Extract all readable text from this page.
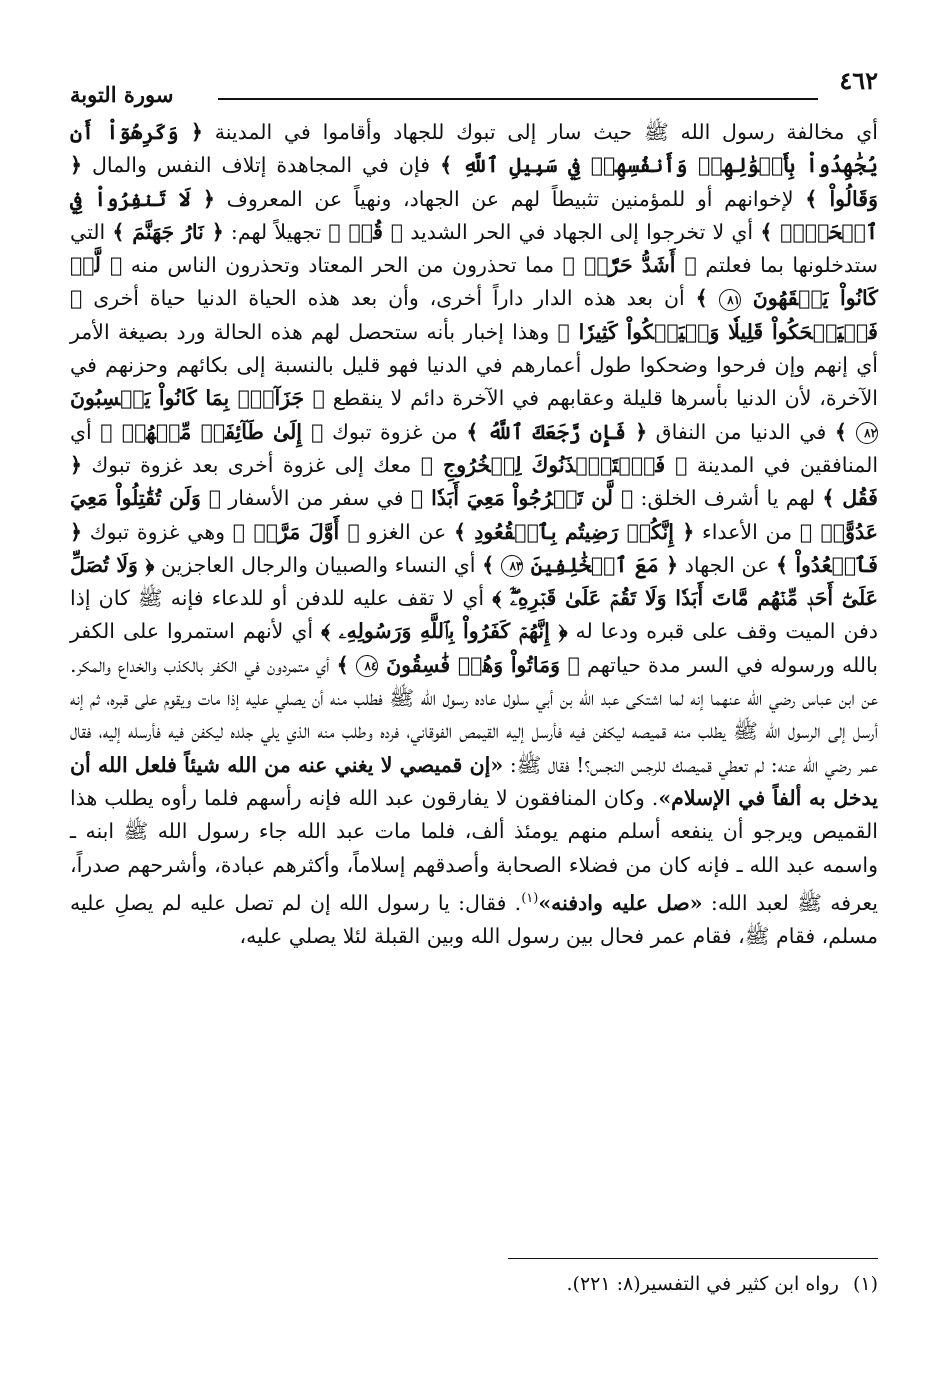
٤٦٢
سورة التوبة
أي مخالفة رسول الله ﷺ حيث سار إلى تبوك للجهاد وأقاموا في المدينة ﴿ وَكَرِهُوٓاْ أَن يُجَٰهِدُواْ بِأَمۡوَٰلِهِمۡ وَأَنفُسِهِمۡ فِي سَبِيلِ ٱللَّهِ ﴾ فإن في المجاهدة إتلاف النفس والمال ﴿ وَقَالُواْ ﴾ لإخوانهم أو للمؤمنين تثبيطاً لهم عن الجهاد، ونهياً عن المعروف ﴿ لَا تَنفِرُواْ فِي ٱلۡحَرِّۗ ﴾ أي لا تخرجوا إلى الجهاد في الحر الشديد ﴿ قُلۡ ﴾ تجهيلاً لهم: ﴿ نَارُ جَهَنَّمَ ﴾ التي ستدخلونها بما فعلتم ﴿ أَشَدُّ حَرّٗاۚ ﴾ مما تحذرون من الحر المعتاد وتحذرون الناس منه ﴿ لَّوۡ كَانُواْ يَفۡقَهُونَ ٨١ ﴾ أن بعد هذه الدار داراً أخرى، وأن بعد هذه الحياة الدنيا حياة أخرى ﴿ فَلۡيَضۡحَكُواْ قَلِيلٗا وَلۡيَبۡكُواْ كَثِيرٗا ﴾ وهذا إخبار بأنه ستحصل لهم هذه الحالة ورد بصيغة الأمر أي إنهم وإن فرحوا وضحكوا طول أعمارهم في الدنيا فهو قليل بالنسبة إلى بكائهم وحزنهم في الآخرة، لأن الدنيا بأسرها قليلة وعقابهم في الآخرة دائم لا ينقطع ﴿ جَزَآءَۢ بِمَا كَانُواْ يَكۡسِبُونَ ٨٢ ﴾ في الدنيا من النفاق ﴿ فَإِن رَّجَعَكَ ٱللَّهُ ﴾ من غزوة تبوك ﴿ إِلَىٰ طَآئِفَةٖ مِّنۡهُمۡ ﴾ أي المنافقين في المدينة ﴿ فَٱسۡتَـٔۡذَنُوكَ لِلۡخُرُوجِ ﴾ معك إلى غزوة أخرى بعد غزوة تبوك ﴿ فَقُل ﴾ لهم يا أشرف الخلق: ﴿ لَّن تَخۡرُجُواْ مَعِيَ أَبَدٗا ﴾ في سفر من الأسفار ﴿ وَلَن تُقَٰتِلُواْ مَعِيَ عَدُوًّاۖ ﴾ من الأعداء ﴿ إِنَّكُمۡ رَضِيتُم بِٱلۡقُعُودِ ﴾ عن الغزو ﴿ أَوَّلَ مَرَّةٖ ﴾ وهي غزوة تبوك ﴿ فَٱقۡعُدُواْ ﴾ عن الجهاد ﴿ مَعَ ٱلۡخَٰلِفِينَ ٨٣ ﴾ أي النساء والصبيان والرجال العاجزين ﴿ وَلَا تُصَلِّ عَلَىٰٓ أَحَدٖ مِّنۡهُم مَّاتَ أَبَدٗا وَلَا تَقُمۡ عَلَىٰ قَبۡرِهِۦٓۖ ﴾ أي لا تقف عليه للدفن أو للدعاء فإنه ﷺ كان إذا دفن الميت وقف على قبره ودعا له ﴿ إِنَّهُمۡ كَفَرُواْ بِٱللَّهِ وَرَسُولِهِۦ ﴾ أي لأنهم استمروا على الكفر بالله ورسوله في السر مدة حياتهم ﴿ وَمَاتُواْ وَهُمۡ فَٰسِقُونَ ٨٤ ﴾ أي متمردون في الكفر بالكذب والخداع والمكر. عن ابن عباس رضي الله عنهما إنه لما اشتكى عبد الله بن أبي سلول عاده رسول الله ﷺ فطلب منه أن يصلي عليه إذا مات ويقوم على قبره، ثم إنه أرسل إلى الرسول الله ﷺ يطلب منه قميصه ليكفن فيه فأرسل إليه القيمص الفوقاني، فرده وطلب منه الذي يلي جلده ليكفن فيه فأرسله إليه، فقال عمر رضي الله عنه: لم تعطي قميصك للرجس النجس؟! فقال ﷺ: «إن قميصي لا يغني عنه من الله شيئاً فلعل الله أن يدخل به ألفاً في الإسلام». وكان المنافقون لا يفارقون عبد الله فإنه رأسهم فلما رأوه يطلب هذا القميص ويرجو أن ينفعه أسلم منهم يومئذ ألف، فلما مات عبد الله جاء رسول الله ﷺ ابنه ـ واسمه عبد الله ـ فإنه كان من فضلاء الصحابة وأصدقهم إسلاماً، وأكثرهم عبادة، وأشرحهم صدراً، يعرفه ﷺ لعبد الله: «صل عليه وادفنه»$^{(١)}$. فقال: يا رسول الله إن لم تصل عليه لم يصلِ عليه مسلم، فقام ﷺ، فقام عمر فحال بين رسول الله وبين القبلة لئلا يصلي عليه،
(١)رواه ابن كثير في التفسير(٨: ٢٢١).
